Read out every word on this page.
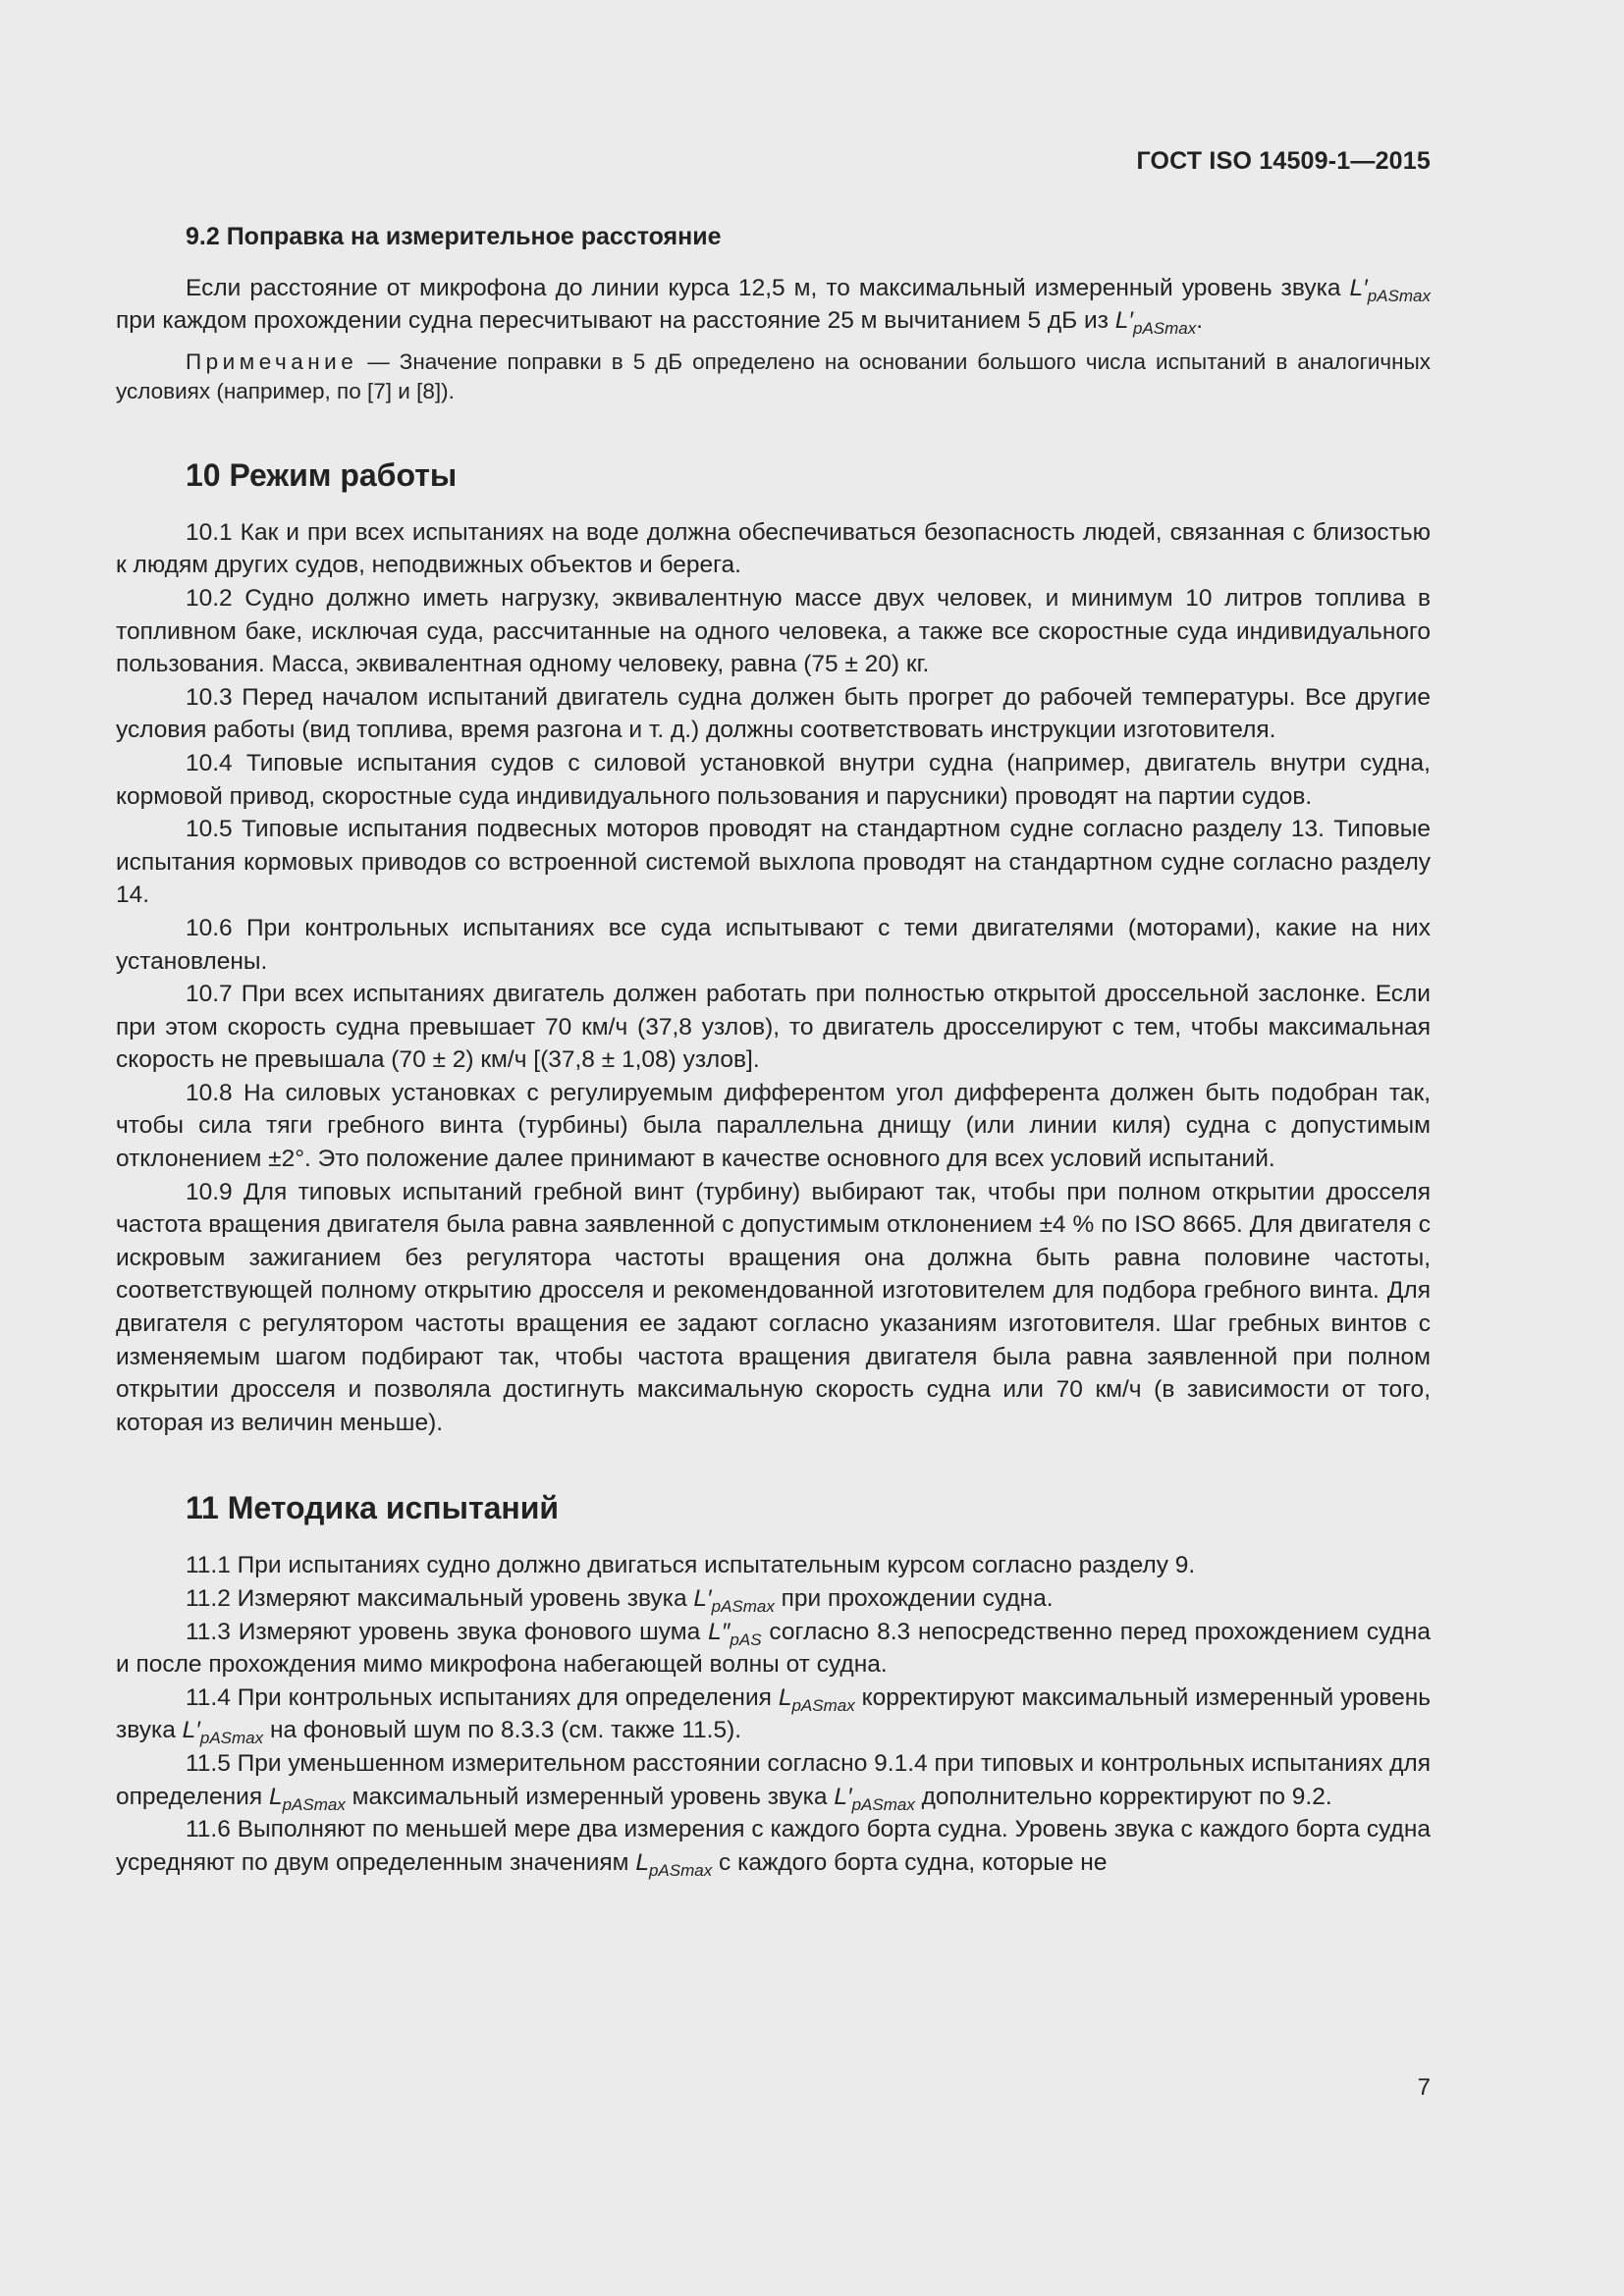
ГОСТ ISO 14509-1—2015
9.2 Поправка на измерительное расстояние

Если расстояние от микрофона до линии курса 12,5 м, то максимальный измеренный уровень звука $L'_{pASmax}$ при каждом прохождении судна пересчитывают на расстояние 25 м вычитанием 5 дБ из $L'_{pASmax}$.

Примечание — Значение поправки в 5 дБ определено на основании большого числа испытаний в аналогичных условиях (например, по [7] и [8]).

10 Режим работы

10.1 Как и при всех испытаниях на воде должна обеспечиваться безопасность людей, связанная с близостью к людям других судов, неподвижных объектов и берега.

10.2 Судно должно иметь нагрузку, эквивалентную массе двух человек, и минимум 10 литров топлива в топливном баке, исключая суда, рассчитанные на одного человека, а также все скоростные суда индивидуального пользования. Масса, эквивалентная одному человеку, равна (75 ± 20) кг.

10.3 Перед началом испытаний двигатель судна должен быть прогрет до рабочей температуры. Все другие условия работы (вид топлива, время разгона и т. д.) должны соответствовать инструкции изготовителя.

10.4 Типовые испытания судов с силовой установкой внутри судна (например, двигатель внутри судна, кормовой привод, скоростные суда индивидуального пользования и парусники) проводят на партии судов.

10.5 Типовые испытания подвесных моторов проводят на стандартном судне согласно разделу 13. Типовые испытания кормовых приводов со встроенной системой выхлопа проводят на стандартном судне согласно разделу 14.

10.6 При контрольных испытаниях все суда испытывают с теми двигателями (моторами), какие на них установлены.

10.7 При всех испытаниях двигатель должен работать при полностью открытой дроссельной заслонке. Если при этом скорость судна превышает 70 км/ч (37,8 узлов), то двигатель дросселируют с тем, чтобы максимальная скорость не превышала (70 ± 2) км/ч [(37,8 ± 1,08) узлов].

10.8 На силовых установках с регулируемым дифферентом угол дифферента должен быть подобран так, чтобы сила тяги гребного винта (турбины) была параллельна днищу (или линии киля) судна с допустимым отклонением ±2°. Это положение далее принимают в качестве основного для всех условий испытаний.

10.9 Для типовых испытаний гребной винт (турбину) выбирают так, чтобы при полном открытии дросселя частота вращения двигателя была равна заявленной с допустимым отклонением ±4 % по ISO 8665. Для двигателя с искровым зажиганием без регулятора частоты вращения она должна быть равна половине частоты, соответствующей полному открытию дросселя и рекомендованной изготовителем для подбора гребного винта. Для двигателя с регулятором частоты вращения ее задают согласно указаниям изготовителя. Шаг гребных винтов с изменяемым шагом подбирают так, чтобы частота вращения двигателя была равна заявленной при полном открытии дросселя и позволяла достигнуть максимальную скорость судна или 70 км/ч (в зависимости от того, которая из величин меньше).

11 Методика испытаний

11.1 При испытаниях судно должно двигаться испытательным курсом согласно разделу 9.

11.2 Измеряют максимальный уровень звука $L'_{pASmax}$ при прохождении судна.

11.3 Измеряют уровень звука фонового шума $L''_{pAS}$ согласно 8.3 непосредственно перед прохождением судна и после прохождения мимо микрофона набегающей волны от судна.

11.4 При контрольных испытаниях для определения $L_{pASmax}$ корректируют максимальный измеренный уровень звука $L'_{pASmax}$ на фоновый шум по 8.3.3 (см. также 11.5).

11.5 При уменьшенном измерительном расстоянии согласно 9.1.4 при типовых и контрольных испытаниях для определения $L_{pASmax}$ максимальный измеренный уровень звука $L'_{pASmax}$ дополнительно корректируют по 9.2.

11.6 Выполняют по меньшей мере два измерения с каждого борта судна. Уровень звука с каждого борта судна усредняют по двум определенным значениям $L_{pASmax}$ с каждого борта судна, которые не

7
